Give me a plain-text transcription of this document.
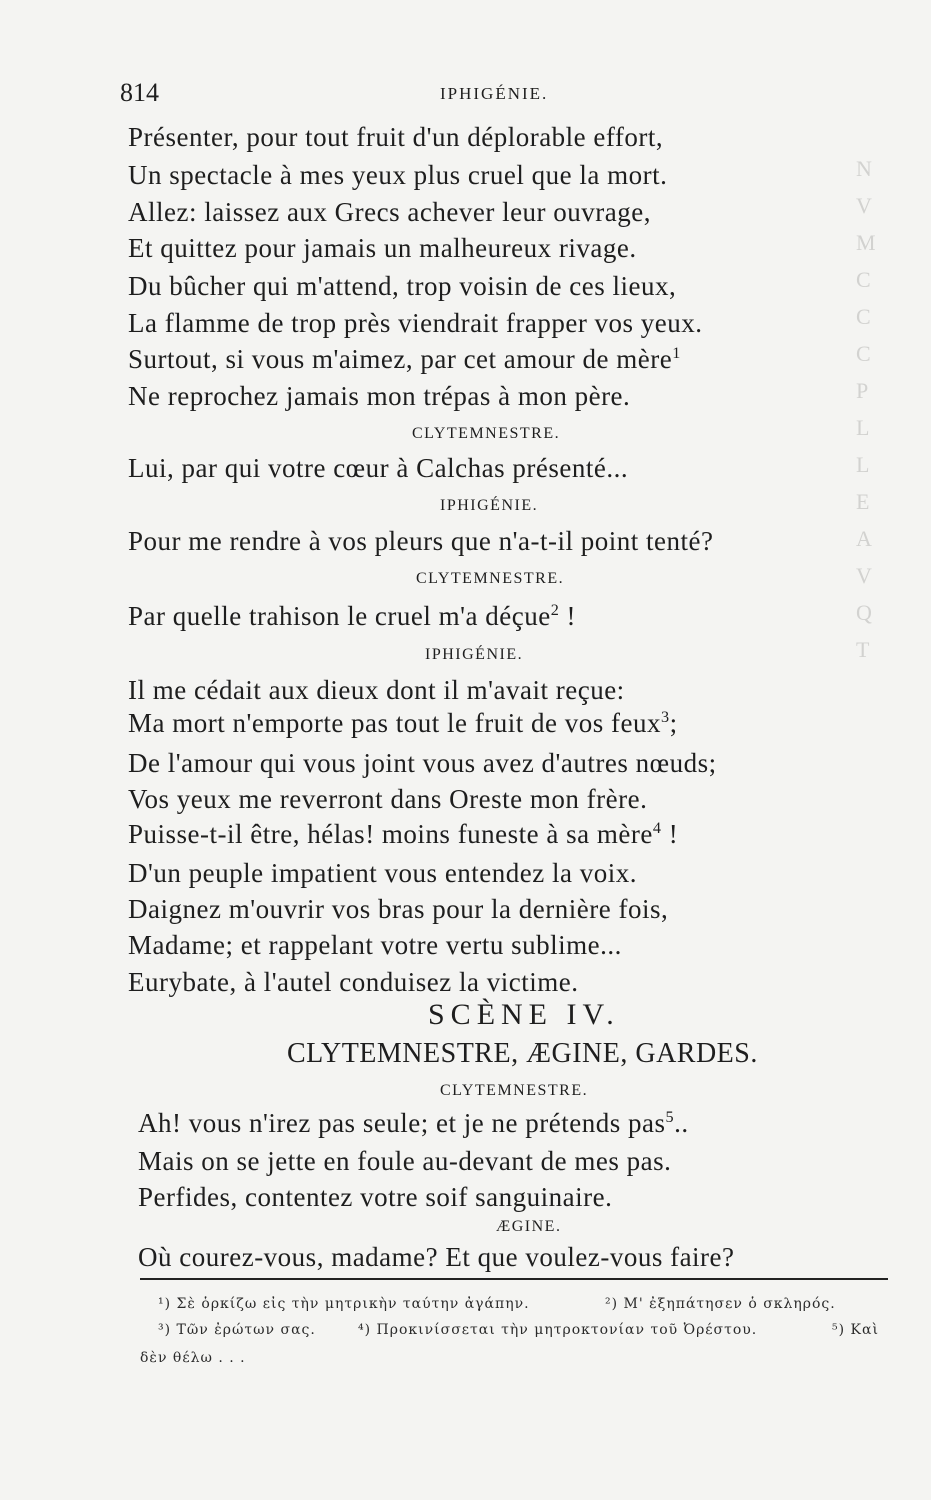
N
V
M
C
C
C
P
L
L
E
A
V
Q
T
814	IPHIGÉNIE.
Présenter, pour tout fruit d'un déplorable effort,
Un spectacle à mes yeux plus cruel que la mort.
Allez: laissez aux Grecs achever leur ouvrage,
Et quittez pour jamais un malheureux rivage.
Du bûcher qui m'attend, trop voisin de ces lieux,
La flamme de trop près viendrait frapper vos yeux.
Surtout, si vous m'aimez, par cet amour de mère$^1$
Ne reprochez jamais mon trépas à mon père.
CLYTEMNESTRE.
Lui, par qui votre cœur à Calchas présenté...
IPHIGÉNIE.
Pour me rendre à vos pleurs que n'a-t-il point tenté?
CLYTEMNESTRE.
Par quelle trahison le cruel m'a déçue$^2$ !
IPHIGÉNIE.
Il me cédait aux dieux dont il m'avait reçue:
Ma mort n'emporte pas tout le fruit de vos feux$^3$;
De l'amour qui vous joint vous avez d'autres nœuds;
Vos yeux me reverront dans Oreste mon frère.
Puisse-t-il être, hélas! moins funeste à sa mère$^4$ !
D'un peuple impatient vous entendez la voix.
Daignez m'ouvrir vos bras pour la dernière fois,
Madame; et rappelant votre vertu sublime...
Eurybate, à l'autel conduisez la victime.
SCÈNE IV.
CLYTEMNESTRE, ÆGINE, GARDES.
CLYTEMNESTRE.
Ah! vous n'irez pas seule; et je ne prétends pas$^5$..
Mais on se jette en foule au-devant de mes pas.
Perfides, contentez votre soif sanguinaire.
ÆGINE.
Où courez-vous, madame? Et que voulez-vous faire?
¹) Σὲ ὁρκίζω εἰς τὴν μητρικὴν ταύτην ἀγάπην.	²) Μ' ἐξηπάτησεν ὁ σκληρός.
³) Τῶν ἐρώτων σας.	⁴) Προκινίσσεται τὴν μητροκτονίαν τοῦ Ὀρέστου.	⁵) Καὶ
δὲν θέλω . . .
